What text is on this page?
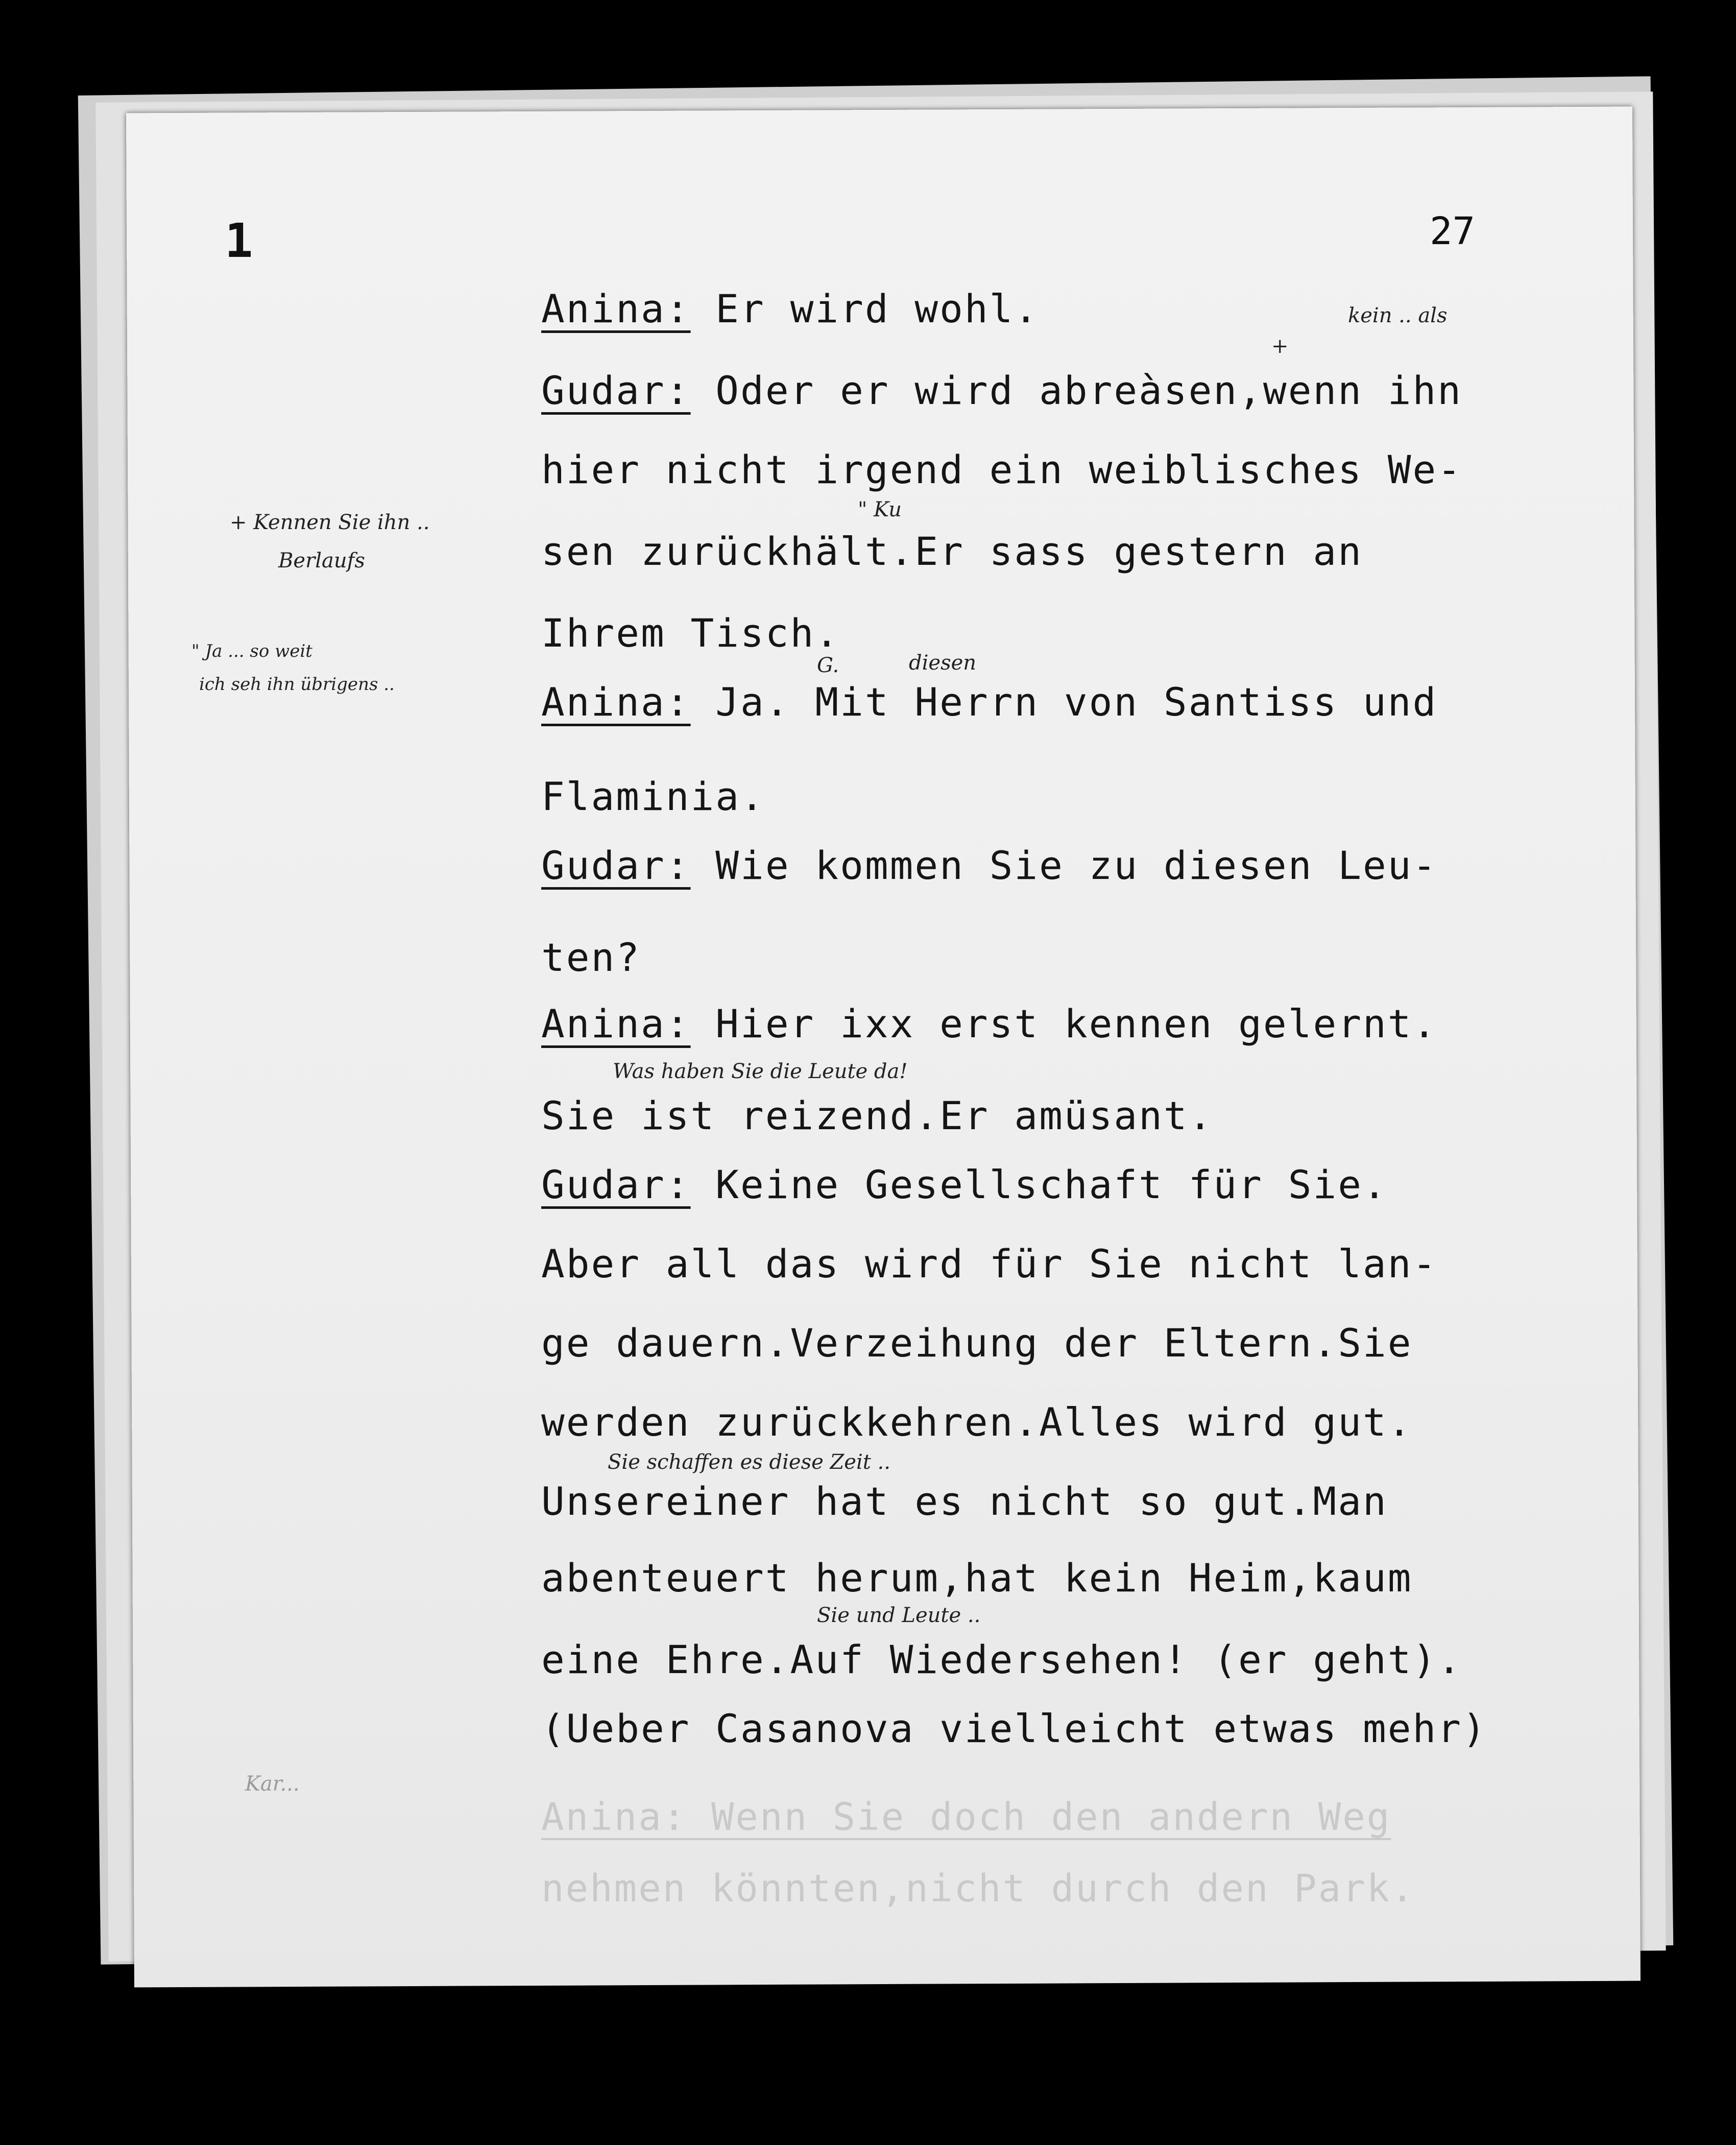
1	27
Anina: Er wird wohl.
Gudar: Oder er wird abreàsen,wenn ihn
hier nicht irgend ein weiblisches We-
sen zurückhält.Er sass gestern an
Ihrem Tisch.
Anina: Ja. Mit Herrn von Santiss und
Flaminia.
Gudar: Wie kommen Sie zu diesen Leu-
ten?
Anina: Hier ixx erst kennen gelernt.
Sie ist reizend.Er amüsant.
Gudar: Keine Gesellschaft für Sie.
Aber all das wird für Sie nicht lan-
ge dauern.Verzeihung der Eltern.Sie
werden zurückkehren.Alles wird gut.
Unsereiner hat es nicht so gut.Man
abenteuert herum,hat kein Heim,kaum
eine Ehre.Auf Wiedersehen! (er geht).
(Ueber Casanova vielleicht etwas mehr)
Anina: Wenn Sie doch den andern Weg
nehmen könnten,nicht durch den Park.
kein .. als
+
" Ku
+ Kennen Sie ihn ..
Berlaufs
" Ja ... so weit
ich seh ihn übrigens ..
G.	diesen
Was haben Sie die Leute da!
Sie schaffen es diese Zeit ..
Sie und Leute ..
Kar...
